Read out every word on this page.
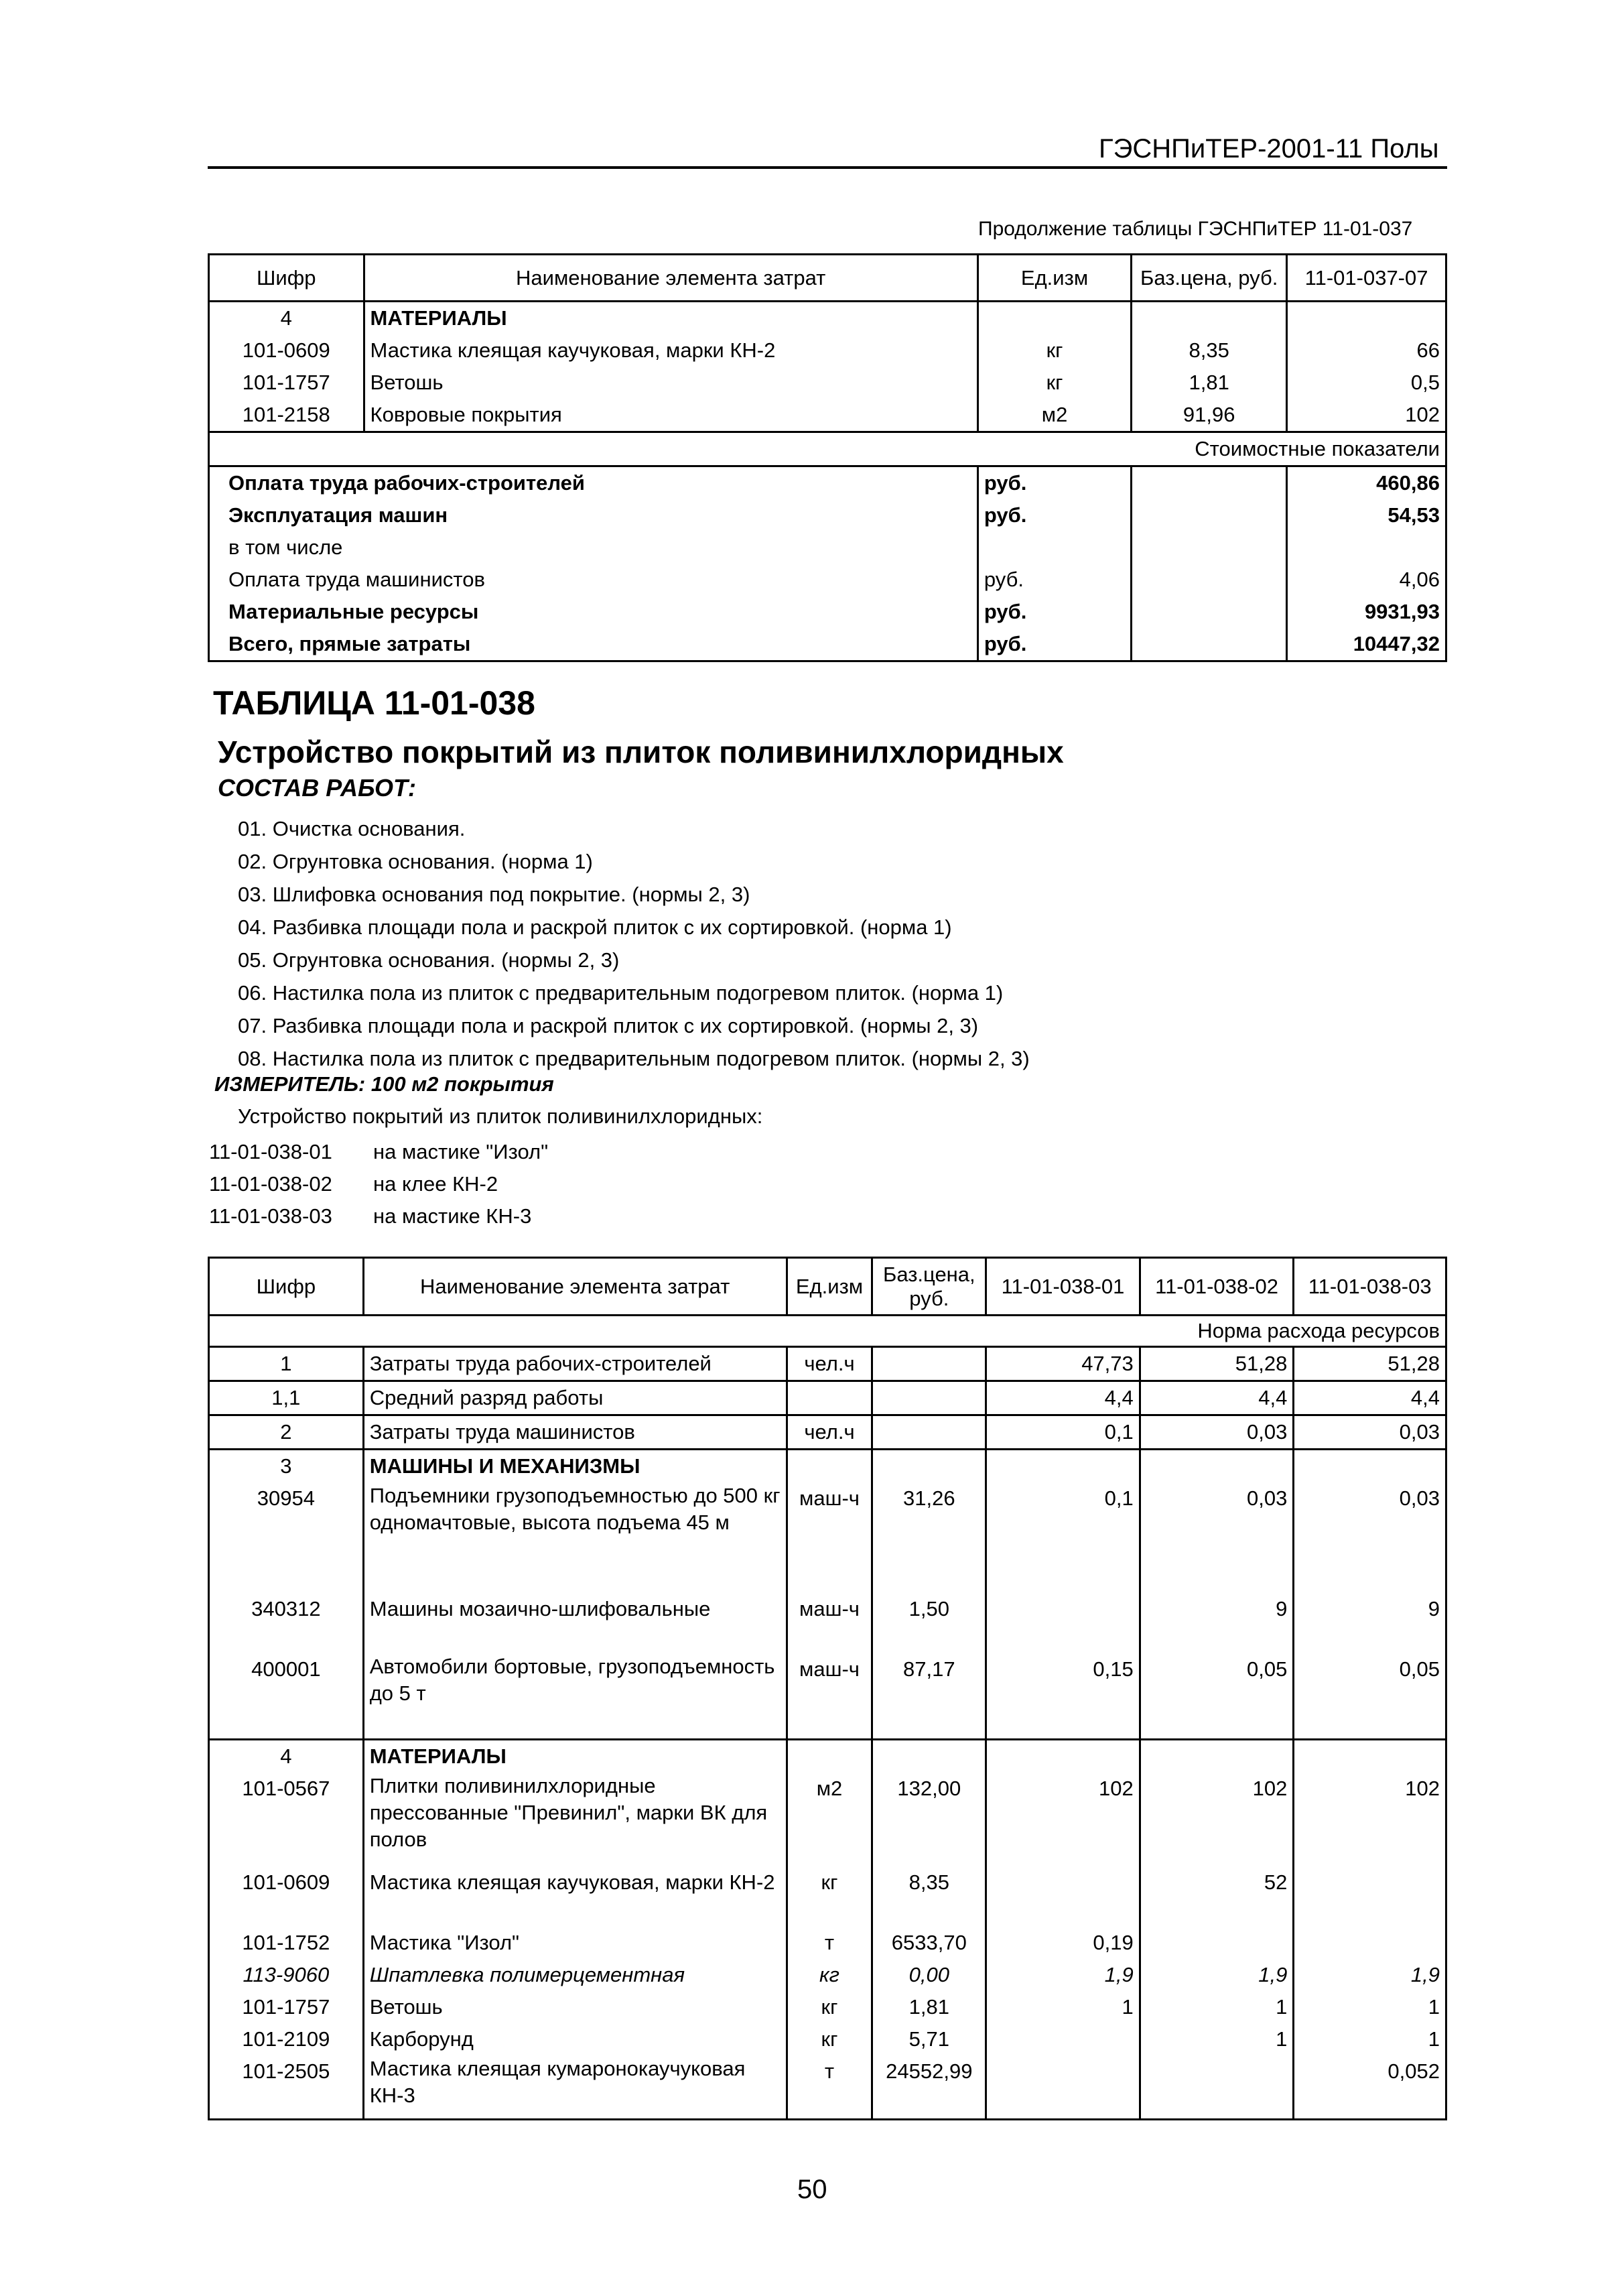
ГЭСНПиТЕР-2001-11 Полы
Продолжение таблицы ГЭСНПиТЕР 11-01-037
Шифр	Наименование элемента затрат	Ед.изм	Баз.цена, руб.	11-01-037-07
4	МАТЕРИАЛЫ			
101-0609	Мастика клеящая каучуковая, марки КН-2	кг	8,35	66
101-1757	Ветошь	кг	1,81	0,5
101-2158	Ковровые покрытия	м2	91,96	102
Стоимостные показатели				
Оплата труда рабочих-строителей		руб.		460,86
Эксплуатация машин		руб.		54,53
в том числе				
Оплата труда машинистов		руб.		4,06
Материальные ресурсы		руб.		9931,93
Всего, прямые затраты		руб.		10447,32
ТАБЛИЦА 11-01-038
Устройство покрытий из плиток поливинилхлоридных
СОСТАВ РАБОТ:
01. Очистка основания.
02. Огрунтовка основания. (норма 1)
03. Шлифовка основания под покрытие. (нормы 2, 3)
04. Разбивка площади пола и раскрой плиток с их сортировкой. (норма 1)
05. Огрунтовка основания. (нормы 2, 3)
06. Настилка пола из плиток с предварительным подогревом плиток. (норма 1)
07. Разбивка площади пола и раскрой плиток с их сортировкой. (нормы 2, 3)
08. Настилка пола из плиток с предварительным подогревом плиток. (нормы 2, 3)
ИЗМЕРИТЕЛЬ: 100 м2 покрытия
Устройство покрытий из плиток поливинилхлоридных:
11-01-038-01 на мастике "Изол"
11-01-038-02 на клее КН-2
11-01-038-03 на мастике КН-3
Шифр	Наименование элемента затрат	Ед.изм	Баз.цена, руб.	11-01-038-01	11-01-038-02	11-01-038-03
Норма расхода ресурсов						
1	Затраты труда рабочих-строителей	чел.ч		47,73	51,28	51,28
1,1	Средний разряд работы			4,4	4,4	4,4
2	Затраты труда машинистов	чел.ч		0,1	0,03	0,03
3	МАШИНЫ И МЕХАНИЗМЫ					
30954	Подъемники грузоподъемностью до 500 кг одномачтовые, высота подъема 45 м	маш-ч	31,26	0,1	0,03	0,03
340312	Машины мозаично-шлифовальные	маш-ч	1,50		9	9
400001	Автомобили бортовые, грузоподъемность до 5 т	маш-ч	87,17	0,15	0,05	0,05
4	МАТЕРИАЛЫ					
101-0567	Плитки поливинилхлоридные прессованные "Превинил", марки ВК для полов	м2	132,00	102	102	102
101-0609	Мастика клеящая каучуковая, марки КН-2	кг	8,35		52	
101-1752	Мастика "Изол"	т	6533,70	0,19		
113-9060	Шпатлевка полимерцементная	кг	0,00	1,9	1,9	1,9
101-1757	Ветошь	кг	1,81	1	1	1
101-2109	Карборунд	кг	5,71		1	1
101-2505	Мастика клеящая кумаронокаучуковая КН-3	т	24552,99			0,052
50
